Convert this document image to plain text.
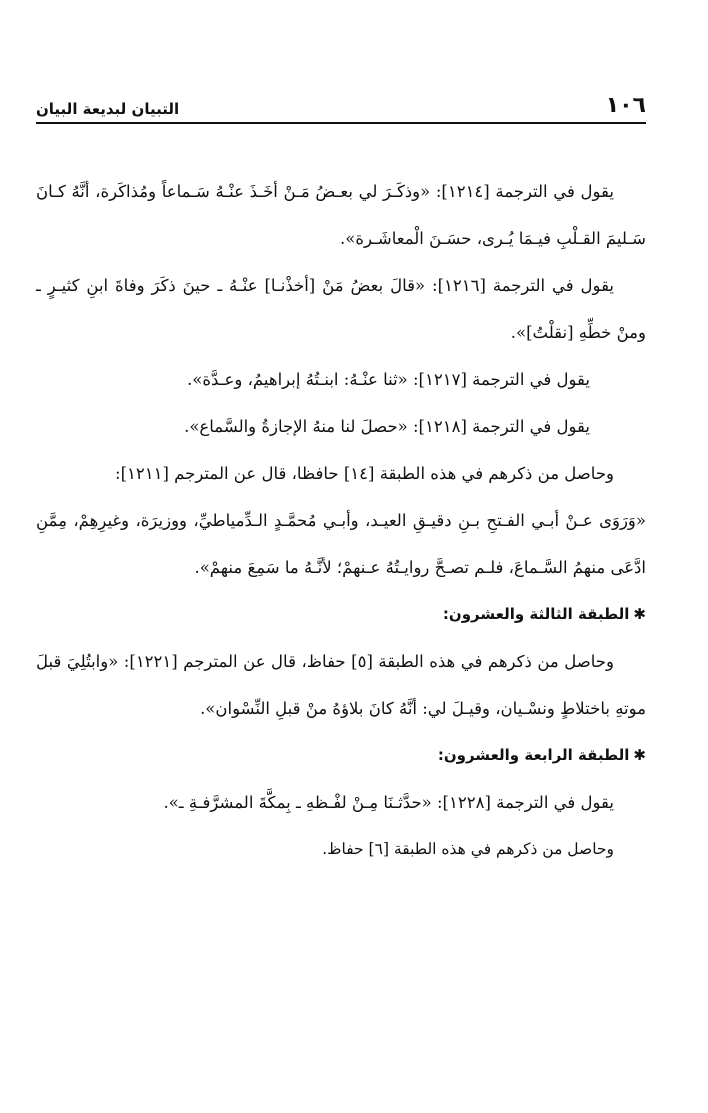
١٠٦
التبيان لبديعة البيان

يقول في الترجمة [١٢١٤]: «وذكَـرَ لي بعـضُ مَـنْ أخَـذَ عنْـهُ سَـماعاً ومُذاكَرة، أنَّهُ كـانَ سَـليمَ القـلْبِ فيـمَا يُـرى، حسَـنَ الْمعاشَـرة».

يقول في الترجمة [١٢١٦]: «قالَ بعضُ مَنْ [أخذْنـا] عنْـهُ ـ حينَ ذكَرَ وفاةَ ابنِ كثيـرٍ ـ ومنْ خطِّهِ [نقلْتُ]».

يقول في الترجمة [١٢١٧]: «ثنا عنْـهُ: ابنـتُهُ إبراهيمُ، وعـدَّة».

يقول في الترجمة [١٢١٨]: «حصلَ لنا منهُ الإجازةُ والسَّماع».

وحاصل من ذكرهم في هذه الطبقة [١٤] حافظا، قال عن المترجم [١٢١١]:

«وَرَوَى عـنْ أبـي الفـتحِ بـنِ دقيـقِ العيـد، وأبـي مُحمَّـدٍ الـدِّمياطيِّ، ووزيرَة، وغيرِهِمْ، مِمَّنِ ادَّعَى منهمُ السَّـماعَ، فلـم تصـحَّ روايـتُهُ عـنهمْ؛ لأنَّـهُ ما سَمِعَ منهمْ».

✱الطبقة الثالثة والعشرون:

وحاصل من ذكرهم في هذه الطبقة [٥] حفاظ، قال عن المترجم [١٢٢١]: «وابتُلِيَ قبلَ موتهِ باختلاطٍ ونسْـيان، وقيـلَ لي: أنَّهُ كانَ بلاؤهُ منْ قبلِ النِّسْوان».

✱الطبقة الرابعة والعشرون:

يقول في الترجمة [١٢٢٨]: «حدَّثـنَا مِـنْ لفْـظهِ ـ بِمكَّةَ المشرَّفـةِ ـ».

وحاصل من ذكرهم في هذه الطبقة [٦] حفاظ.
